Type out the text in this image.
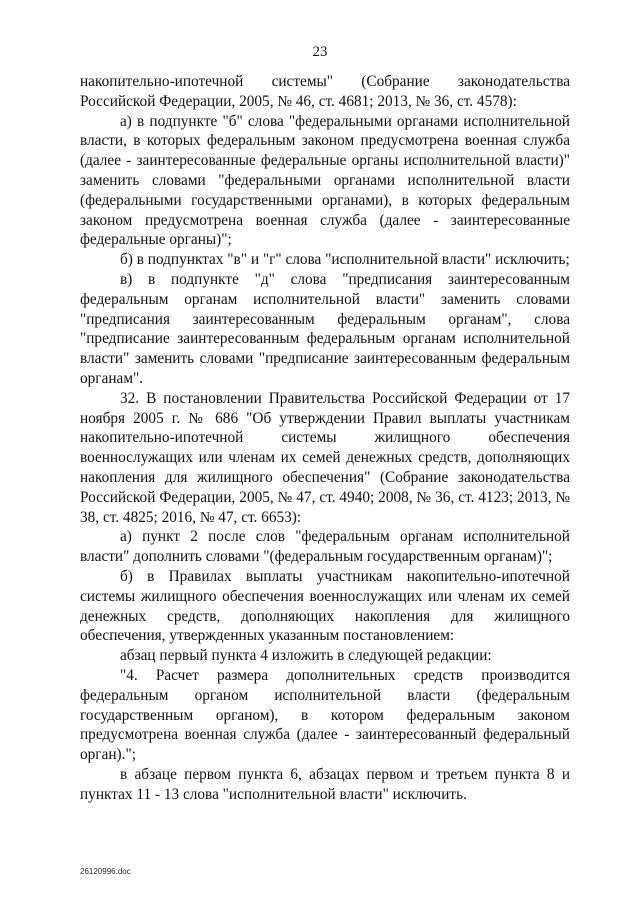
23

накопительно-ипотечной системы" (Собрание законодательства Российской Федерации, 2005, № 46, ст. 4681; 2013, № 36, ст. 4578):

а) в подпункте "б" слова "федеральными органами исполнительной власти, в которых федеральным законом предусмотрена военная служба (далее - заинтересованные федеральные органы исполнительной власти)" заменить словами "федеральными органами исполнительной власти (федеральными государственными органами), в которых федеральным законом предусмотрена военная служба (далее - заинтересованные федеральные органы)";

б) в подпунктах "в" и "г" слова "исполнительной власти" исключить;

в) в подпункте "д" слова "предписания заинтересованным федеральным органам исполнительной власти" заменить словами "предписания заинтересованным федеральным органам", слова "предписание заинтересованным федеральным органам исполнительной власти" заменить словами "предписание заинтересованным федеральным органам".

32. В постановлении Правительства Российской Федерации от 17 ноября 2005 г. № 686 "Об утверждении Правил выплаты участникам накопительно-ипотечной системы жилищного обеспечения военнослужащих или членам их семей денежных средств, дополняющих накопления для жилищного обеспечения" (Собрание законодательства Российской Федерации, 2005, № 47, ст. 4940; 2008, № 36, ст. 4123; 2013, № 38, ст. 4825; 2016, № 47, ст. 6653):

а) пункт 2 после слов "федеральным органам исполнительной власти" дополнить словами "(федеральным государственным органам)";

б) в Правилах выплаты участникам накопительно-ипотечной системы жилищного обеспечения военнослужащих или членам их семей денежных средств, дополняющих накопления для жилищного обеспечения, утвержденных указанным постановлением:

абзац первый пункта 4 изложить в следующей редакции:

"4. Расчет размера дополнительных средств производится федеральным органом исполнительной власти (федеральным государственным органом), в котором федеральным законом предусмотрена военная служба (далее - заинтересованный федеральный орган).";

в абзаце первом пункта 6, абзацах первом и третьем пункта 8 и пунктах 11 - 13 слова "исполнительной власти" исключить.

26120996.doc
